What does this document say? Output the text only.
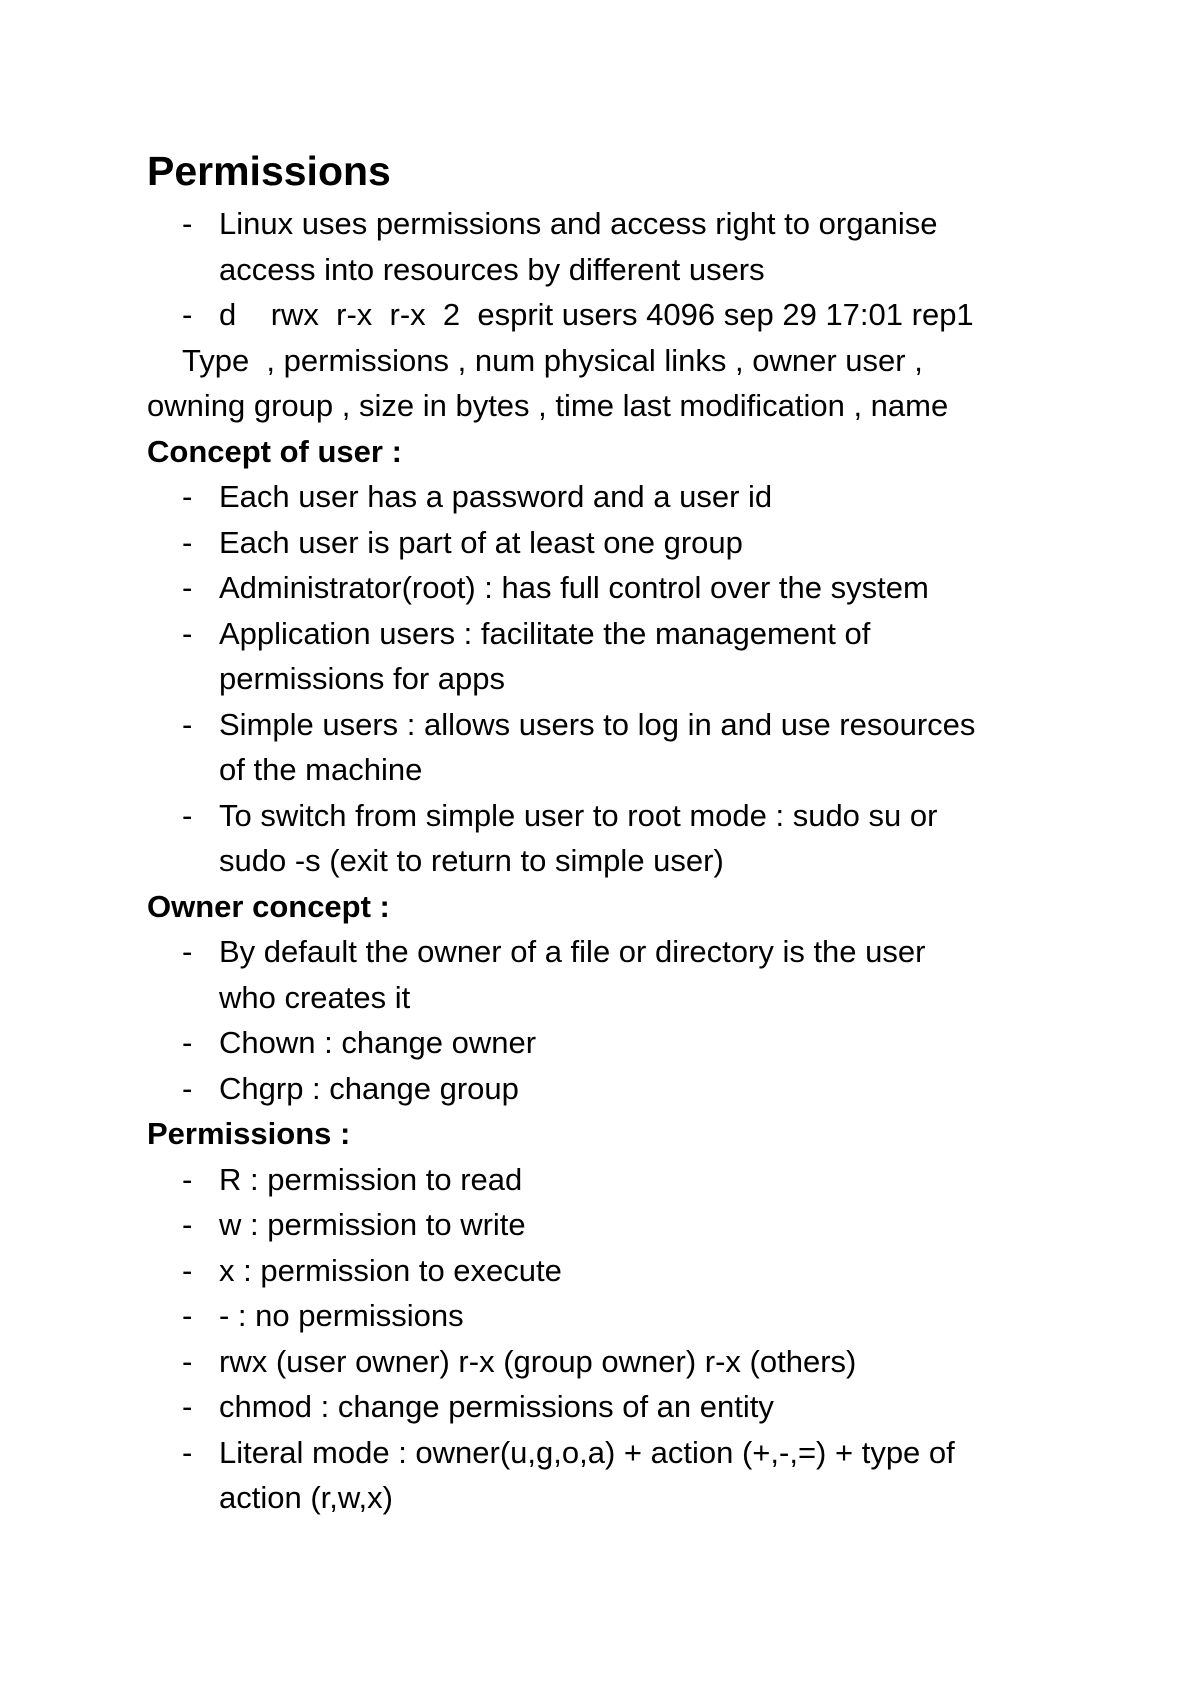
Permissions
- Linux uses permissions and access right to organise
access into resources by different users
- d    rwx  r-x  r-x  2  esprit users 4096 sep 29 17:01 rep1
Type  , permissions , num physical links , owner user ,
owning group , size in bytes , time last modification , name
Concept of user :
- Each user has a password and a user id
- Each user is part of at least one group
- Administrator(root) : has full control over the system
- Application users : facilitate the management of
permissions for apps
- Simple users : allows users to log in and use resources
of the machine
- To switch from simple user to root mode : sudo su or
sudo -s (exit to return to simple user)
Owner concept :
- By default the owner of a file or directory is the user
who creates it
- Chown : change owner
- Chgrp : change group
Permissions :
- R : permission to read
- w : permission to write
- x : permission to execute
- - : no permissions
- rwx (user owner) r-x (group owner) r-x (others)
- chmod : change permissions of an entity
- Literal mode : owner(u,g,o,a) + action (+,-,=) + type of
action (r,w,x)
